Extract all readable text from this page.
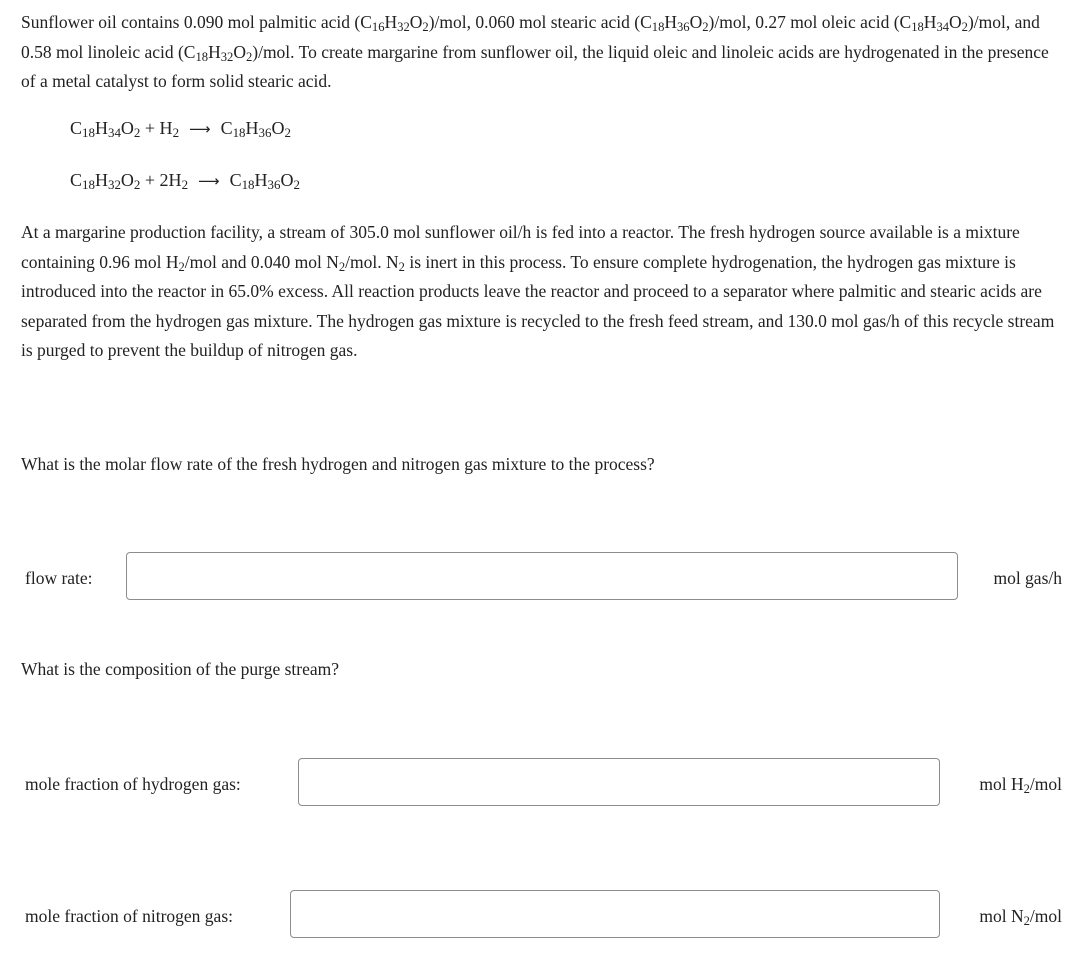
Sunflower oil contains 0.090 mol palmitic acid $(C_{16}H_{32}O_2)$/mol, 0.060 mol stearic acid $(C_{18}H_{36}O_2)$/mol, 0.27 mol oleic acid $(C_{18}H_{34}O_2)$/mol, and 0.58 mol linoleic acid $(C_{18}H_{32}O_2)$/mol. To create margarine from sunflower oil, the liquid oleic and linoleic acids are hydrogenated in the presence of a metal catalyst to form solid stearic acid.
$C_{18}H_{34}O_2 + H_2$ ⟶ $C_{18}H_{36}O_2$
$C_{18}H_{32}O_2 + 2H_2$ ⟶ $C_{18}H_{36}O_2$
At a margarine production facility, a stream of 305.0 mol sunflower oil/h is fed into a reactor. The fresh hydrogen source available is a mixture containing 0.96 mol $H_2$/mol and 0.040 mol $N_2$/mol. $N_2$ is inert in this process. To ensure complete hydrogenation, the hydrogen gas mixture is introduced into the reactor in 65.0% excess. All reaction products leave the reactor and proceed to a separator where palmitic and stearic acids are separated from the hydrogen gas mixture. The hydrogen gas mixture is recycled to the fresh feed stream, and 130.0 mol gas/h of this recycle stream is purged to prevent the buildup of nitrogen gas.
What is the molar flow rate of the fresh hydrogen and nitrogen gas mixture to the process?
flow rate:	mol gas/h
What is the composition of the purge stream?
mole fraction of hydrogen gas:	mol $H_2$/mol
mole fraction of nitrogen gas:	mol $N_2$/mol
